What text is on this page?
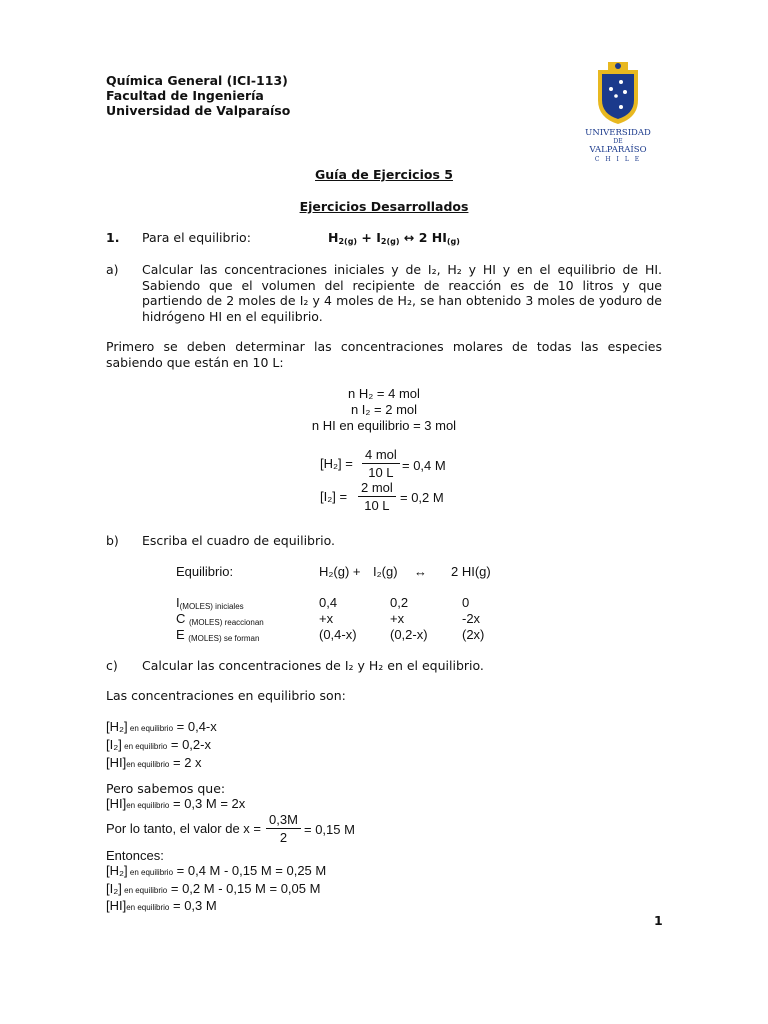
Química General (ICI-113)
Facultad de Ingeniería
Universidad de Valparaíso
UNIVERSIDAD
DE
VALPARAÍSO
C H I L E
Guía de Ejercicios 5
Ejercicios Desarrollados
1. Para el equilibrio:	$H_{2(g)} + I_{2(g)}$ ↔ 2 $HI_{(g)}$
a) Calcular las concentraciones iniciales y de I₂, H₂ y HI y en el equilibrio de HI. Sabiendo que el volumen del recipiente de reacción es de 10 litros y que partiendo de 2 moles de I₂ y 4 moles de H₂, se han obtenido 3 moles de yoduro de hidrógeno HI en el equilibrio.
Primero se deben determinar las concentraciones molares de todas las especies sabiendo que están en 10 L:
n H₂ = 4 mol
n I₂ = 2 mol
n HI en equilibrio = 3 mol
[H₂] =
4 mol
10 L = 0,4 M
[I₂] =
2 mol
10 L
= 0,2 M
b) Escriba el cuadro de equilibrio.
Equilibrio:	H₂(g) + I₂(g) ↔ 2 HI(g)
$I_{(MOLES) iniciales}$	0,4	0,2	0
C $_{(MOLES) reaccionan}$	+x	+x	-2x
E $_{(MOLES) se forman}$	(0,4-x)	(0,2-x)	(2x)
c) Calcular las concentraciones de I₂ y H₂ en el equilibrio.
Las concentraciones en equilibrio son:
[H₂] en equilibrio = 0,4-x
[I₂] en equilibrio = 0,2-x
[HI]en equilibrio = 2 x
Pero sabemos que:
[HI]en equilibrio = 0,3 M = 2x
Por lo tanto, el valor de $x = \frac{0,3M}{2} = 0,15$ M
Entonces:
[H₂] en equilibrio = 0,4 M - 0,15 M = 0,25 M
[I₂] en equilibrio = 0,2 M - 0,15 M = 0,05 M
[HI]en equilibrio = 0,3 M
1
